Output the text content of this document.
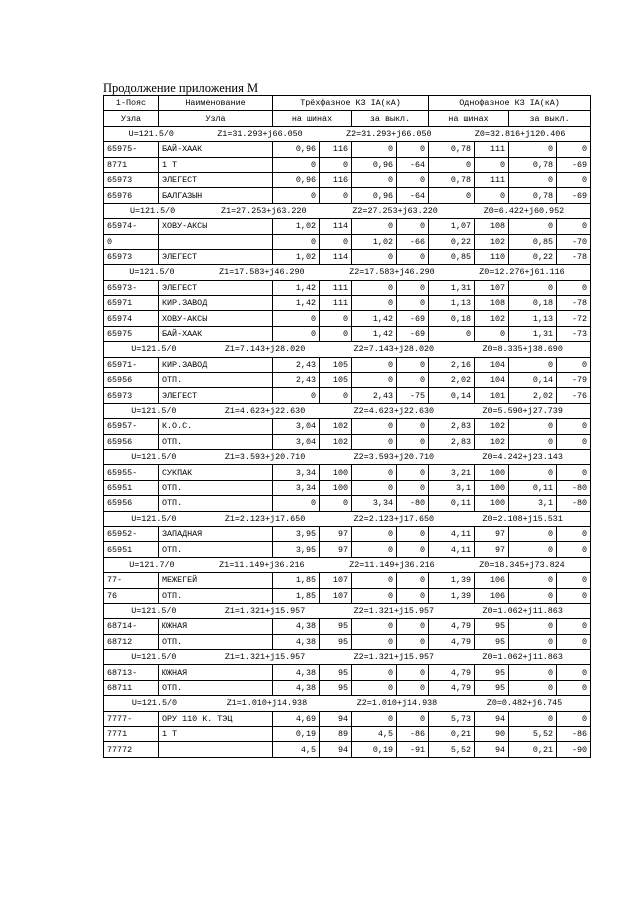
Продолжение приложения М
1-Пояс	Наименование	Трёхфазное КЗ IА(кА)				Однофазное КЗ IА(кА)			
Узла	Узла	на шинах		за выкл.		на шинах		за выкл.	

U=121.5/0 Z1=31.293+j66.050 Z2=31.293+j66.050 Z0=32.816+j120.406									

65975-	БАЙ-ХААК	0,96	116	0	0	0,78	111	0	0
8771	1 Т	0	0	0,96	-64	0	0	0,78	-69
65973	ЭЛЕГЕСТ	0,96	116	0	0	0,78	111	0	0
65976	БАЛГАЗЫН	0	0	0,96	-64	0	0	0,78	-69

U=121.5/0 Z1=27.253+j63.220 Z2=27.253+j63.220 Z0=6.422+j60.952									

65974-	ХОВУ-АКСЫ	1,02	114	0	0	1,07	108	0	0
0		0	0	1,02	-66	0,22	102	0,85	-70
65973	ЭЛЕГЕСТ	1,02	114	0	0	0,85	110	0,22	-78

U=121.5/0 Z1=17.583+j46.290 Z2=17.583+j46.290 Z0=12.276+j61.116									

65973-	ЭЛЕГЕСТ	1,42	111	0	0	1,31	107	0	0
65971	КИР.ЗАВОД	1,42	111	0	0	1,13	108	0,18	-78
65974	ХОВУ-АКСЫ	0	0	1,42	-69	0,18	102	1,13	-72
65975	БАЙ-ХААК	0	0	1,42	-69	0	0	1,31	-73

U=121.5/0 Z1=7.143+j28.020 Z2=7.143+j28.020 Z0=8.335+j38.690									

65971-	КИР.ЗАВОД	2,43	105	0	0	2,16	104	0	0
65956	ОТП.	2,43	105	0	0	2,02	104	0,14	-79
65973	ЭЛЕГЕСТ	0	0	2,43	-75	0,14	101	2,02	-76

U=121.5/0 Z1=4.623+j22.630 Z2=4.623+j22.630 Z0=5.590+j27.739									

65957-	К.О.С.	3,04	102	0	0	2,83	102	0	0
65956	ОТП.	3,04	102	0	0	2,83	102	0	0

U=121.5/0 Z1=3.593+j20.710 Z2=3.593+j20.710 Z0=4.242+j23.143									

65955-	СУКПАК	3,34	100	0	0	3,21	100	0	0
65951	ОТП.	3,34	100	0	0	3,1	100	0,11	-80
65956	ОТП.	0	0	3,34	-80	0,11	100	3,1	-80

U=121.5/0 Z1=2.123+j17.650 Z2=2.123+j17.650 Z0=2.108+j15.531									

65952-	ЗАПАДНАЯ	3,95	97	0	0	4,11	97	0	0
65951	ОТП.	3,95	97	0	0	4,11	97	0	0

U=121.7/0 Z1=11.149+j36.216 Z2=11.149+j36.216 Z0=18.345+j73.824									

77-	МЕЖЕГЕЙ	1,85	107	0	0	1,39	106	0	0
76	ОТП.	1,85	107	0	0	1,39	106	0	0

U=121.5/0 Z1=1.321+j15.957 Z2=1.321+j15.957 Z0=1.062+j11.863									

68714-	ЮЖНАЯ	4,38	95	0	0	4,79	95	0	0
68712	ОТП.	4,38	95	0	0	4,79	95	0	0

U=121.5/0 Z1=1.321+j15.957 Z2=1.321+j15.957 Z0=1.062+j11.863									

68713-	ЮЖНАЯ	4,38	95	0	0	4,79	95	0	0
68711	ОТП.	4,38	95	0	0	4,79	95	0	0

U=121.5/0 Z1=1.010+j14.938 Z2=1.010+j14.938 Z0=0.482+j6.745									

7777-	ОРУ 110 К. ТЭЦ	4,69	94	0	0	5,73	94	0	0
7771	1 Т	0,19	89	4,5	-86	0,21	90	5,52	-86
77772		4,5	94	0,19	-91	5,52	94	0,21	-90
